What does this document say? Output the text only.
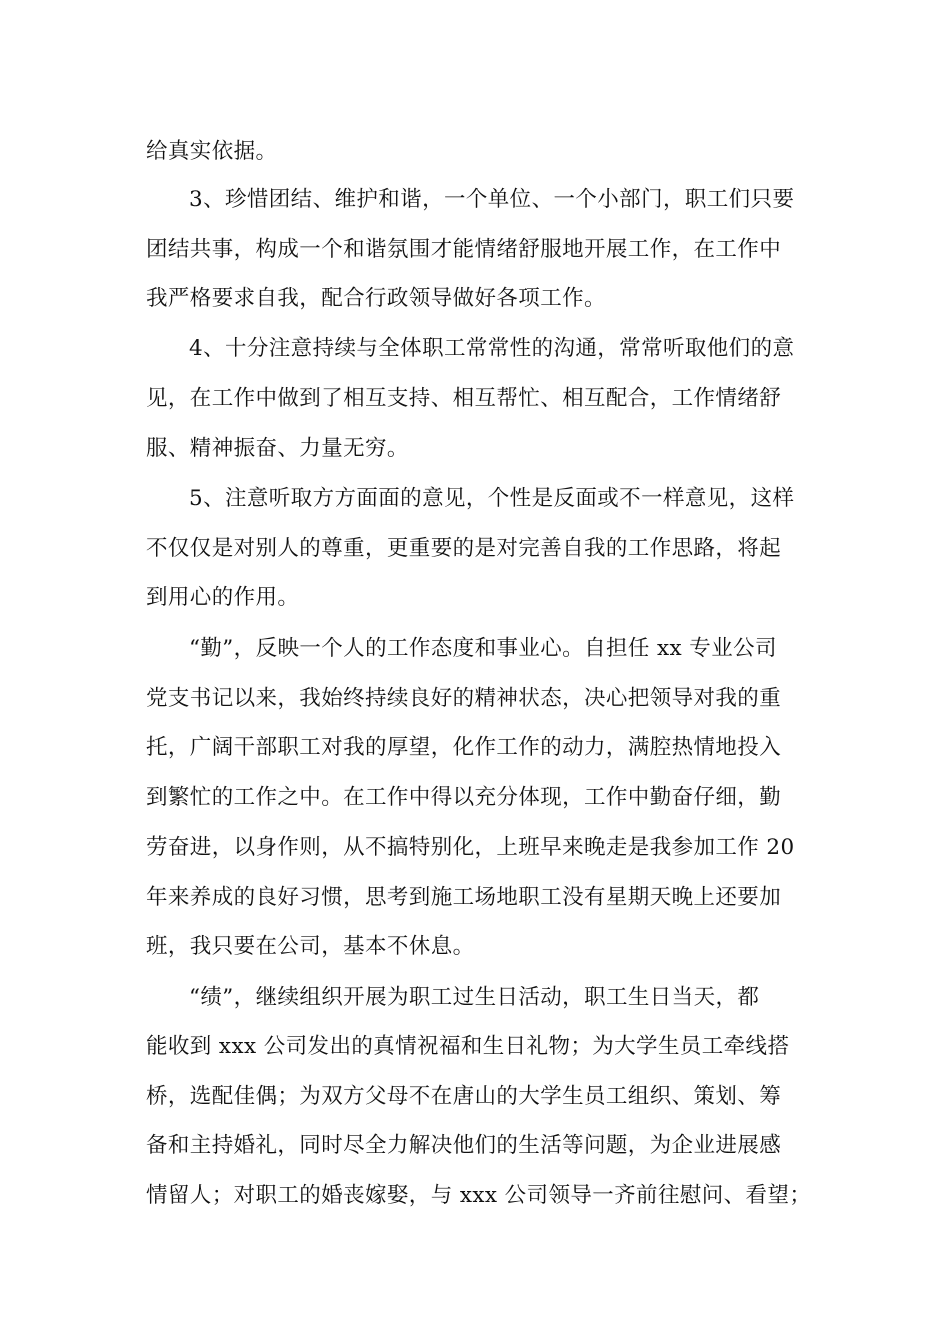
给真实依据。
3、珍惜团结、维护和谐，一个单位、一个小部门，职工们只要
团结共事，构成一个和谐氛围才能情绪舒服地开展工作，在工作中
我严格要求自我，配合行政领导做好各项工作。
4、十分注意持续与全体职工常常性的沟通，常常听取他们的意
见，在工作中做到了相互支持、相互帮忙、相互配合，工作情绪舒
服、精神振奋、力量无穷。
5、注意听取方方面面的意见，个性是反面或不一样意见，这样
不仅仅是对别人的尊重，更重要的是对完善自我的工作思路，将起
到用心的作用。
“勤”，反映一个人的工作态度和事业心。自担任 xx 专业公司
党支书记以来，我始终持续良好的精神状态，决心把领导对我的重
托，广阔干部职工对我的厚望，化作工作的动力，满腔热情地投入
到繁忙的工作之中。在工作中得以充分体现，工作中勤奋仔细，勤
劳奋进，以身作则，从不搞特别化，上班早来晚走是我参加工作 20
年来养成的良好习惯，思考到施工场地职工没有星期天晚上还要加
班，我只要在公司，基本不休息。
“绩”，继续组织开展为职工过生日活动，职工生日当天，都
能收到 xxx 公司发出的真情祝福和生日礼物；为大学生员工牵线搭
桥，选配佳偶；为双方父母不在唐山的大学生员工组织、策划、筹
备和主持婚礼，同时尽全力解决他们的生活等问题，为企业进展感
情留人；对职工的婚丧嫁娶，与 xxx 公司领导一齐前往慰问、看望；
